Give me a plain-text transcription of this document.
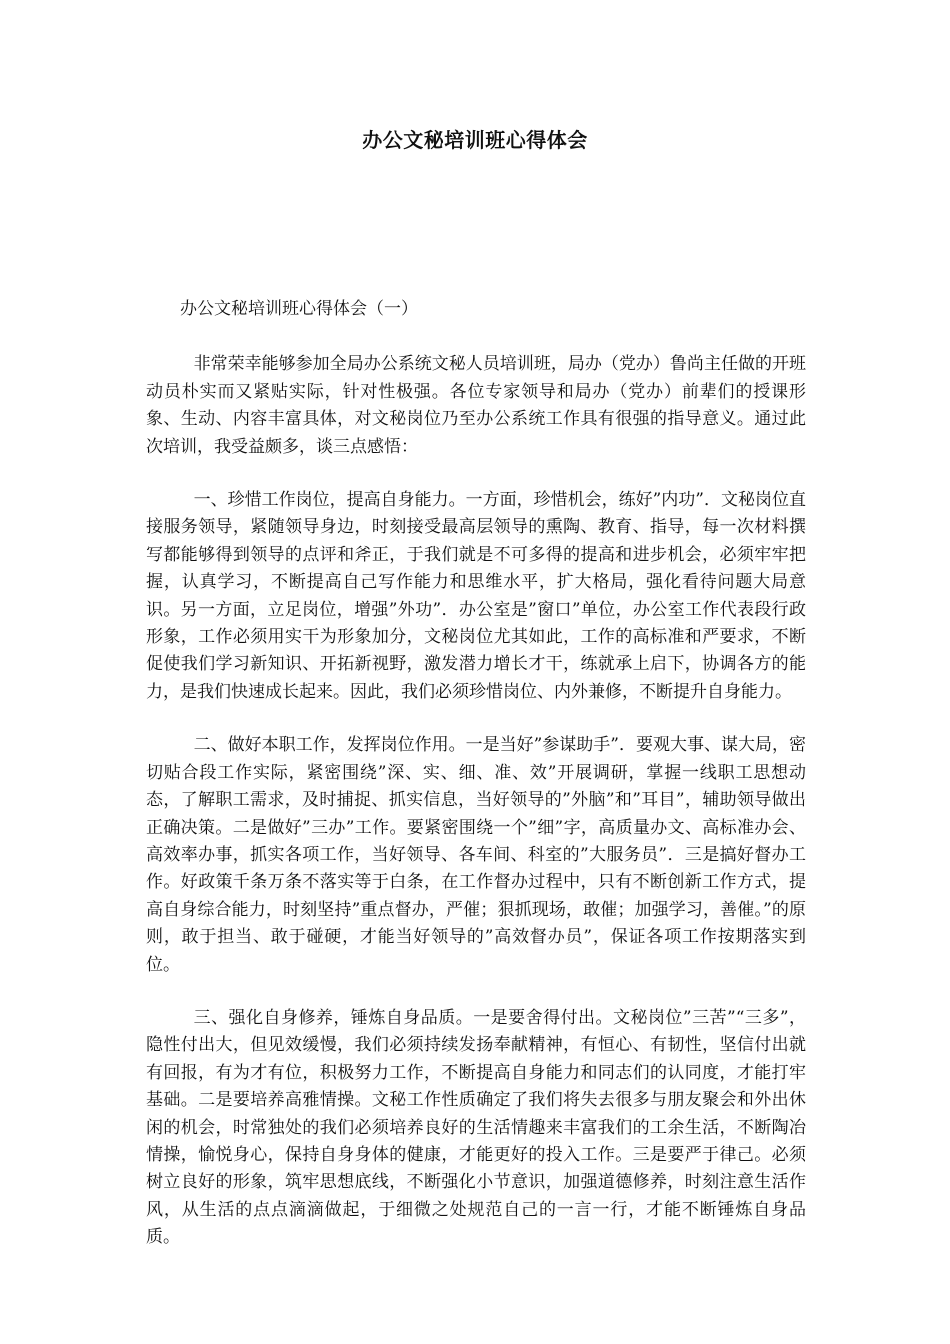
办公文秘培训班心得体会

办公文秘培训班心得体会（一）

非常荣幸能够参加全局办公系统文秘人员培训班，局办（党办）鲁尚主任做的开班动员朴实而又紧贴实际，针对性极强。各位专家领导和局办（党办）前辈们的授课形象、生动、内容丰富具体，对文秘岗位乃至办公系统工作具有很强的指导意义。通过此次培训，我受益颇多，谈三点感悟：

一、珍惜工作岗位，提高自身能力。一方面，珍惜机会，练好”内功”．文秘岗位直接服务领导，紧随领导身边，时刻接受最高层领导的熏陶、教育、指导，每一次材料撰写都能够得到领导的点评和斧正，于我们就是不可多得的提高和进步机会，必须牢牢把握，认真学习，不断提高自己写作能力和思维水平，扩大格局，强化看待问题大局意识。另一方面，立足岗位，增强”外功”．办公室是”窗口”单位，办公室工作代表段行政形象，工作必须用实干为形象加分，文秘岗位尤其如此，工作的高标准和严要求，不断促使我们学习新知识、开拓新视野，激发潜力增长才干，练就承上启下，协调各方的能力，是我们快速成长起来。因此，我们必须珍惜岗位、内外兼修，不断提升自身能力。

二、做好本职工作，发挥岗位作用。一是当好”参谋助手”．要观大事、谋大局，密切贴合段工作实际，紧密围绕”深、实、细、准、效”开展调研，掌握一线职工思想动态，了解职工需求，及时捕捉、抓实信息，当好领导的”外脑”和”耳目”，辅助领导做出正确决策。二是做好”三办”工作。要紧密围绕一个”细”字，高质量办文、高标准办会、高效率办事，抓实各项工作，当好领导、各车间、科室的”大服务员”．三是搞好督办工作。好政策千条万条不落实等于白条，在工作督办过程中，只有不断创新工作方式，提高自身综合能力，时刻坚持”重点督办，严催；狠抓现场，敢催；加强学习，善催。”的原则，敢于担当、敢于碰硬，才能当好领导的”高效督办员”，保证各项工作按期落实到位。

三、强化自身修养，锤炼自身品质。一是要舍得付出。文秘岗位”三苦”“三多”，隐性付出大，但见效缓慢，我们必须持续发扬奉献精神，有恒心、有韧性，坚信付出就有回报，有为才有位，积极努力工作，不断提高自身能力和同志们的认同度，才能打牢基础。二是要培养高雅情操。文秘工作性质确定了我们将失去很多与朋友聚会和外出休闲的机会，时常独处的我们必须培养良好的生活情趣来丰富我们的工余生活，不断陶冶情操，愉悦身心，保持自身身体的健康，才能更好的投入工作。三是要严于律己。必须树立良好的形象，筑牢思想底线，不断强化小节意识，加强道德修养，时刻注意生活作风，从生活的点点滴滴做起，于细微之处规范自己的一言一行，才能不断锤炼自身品质。
